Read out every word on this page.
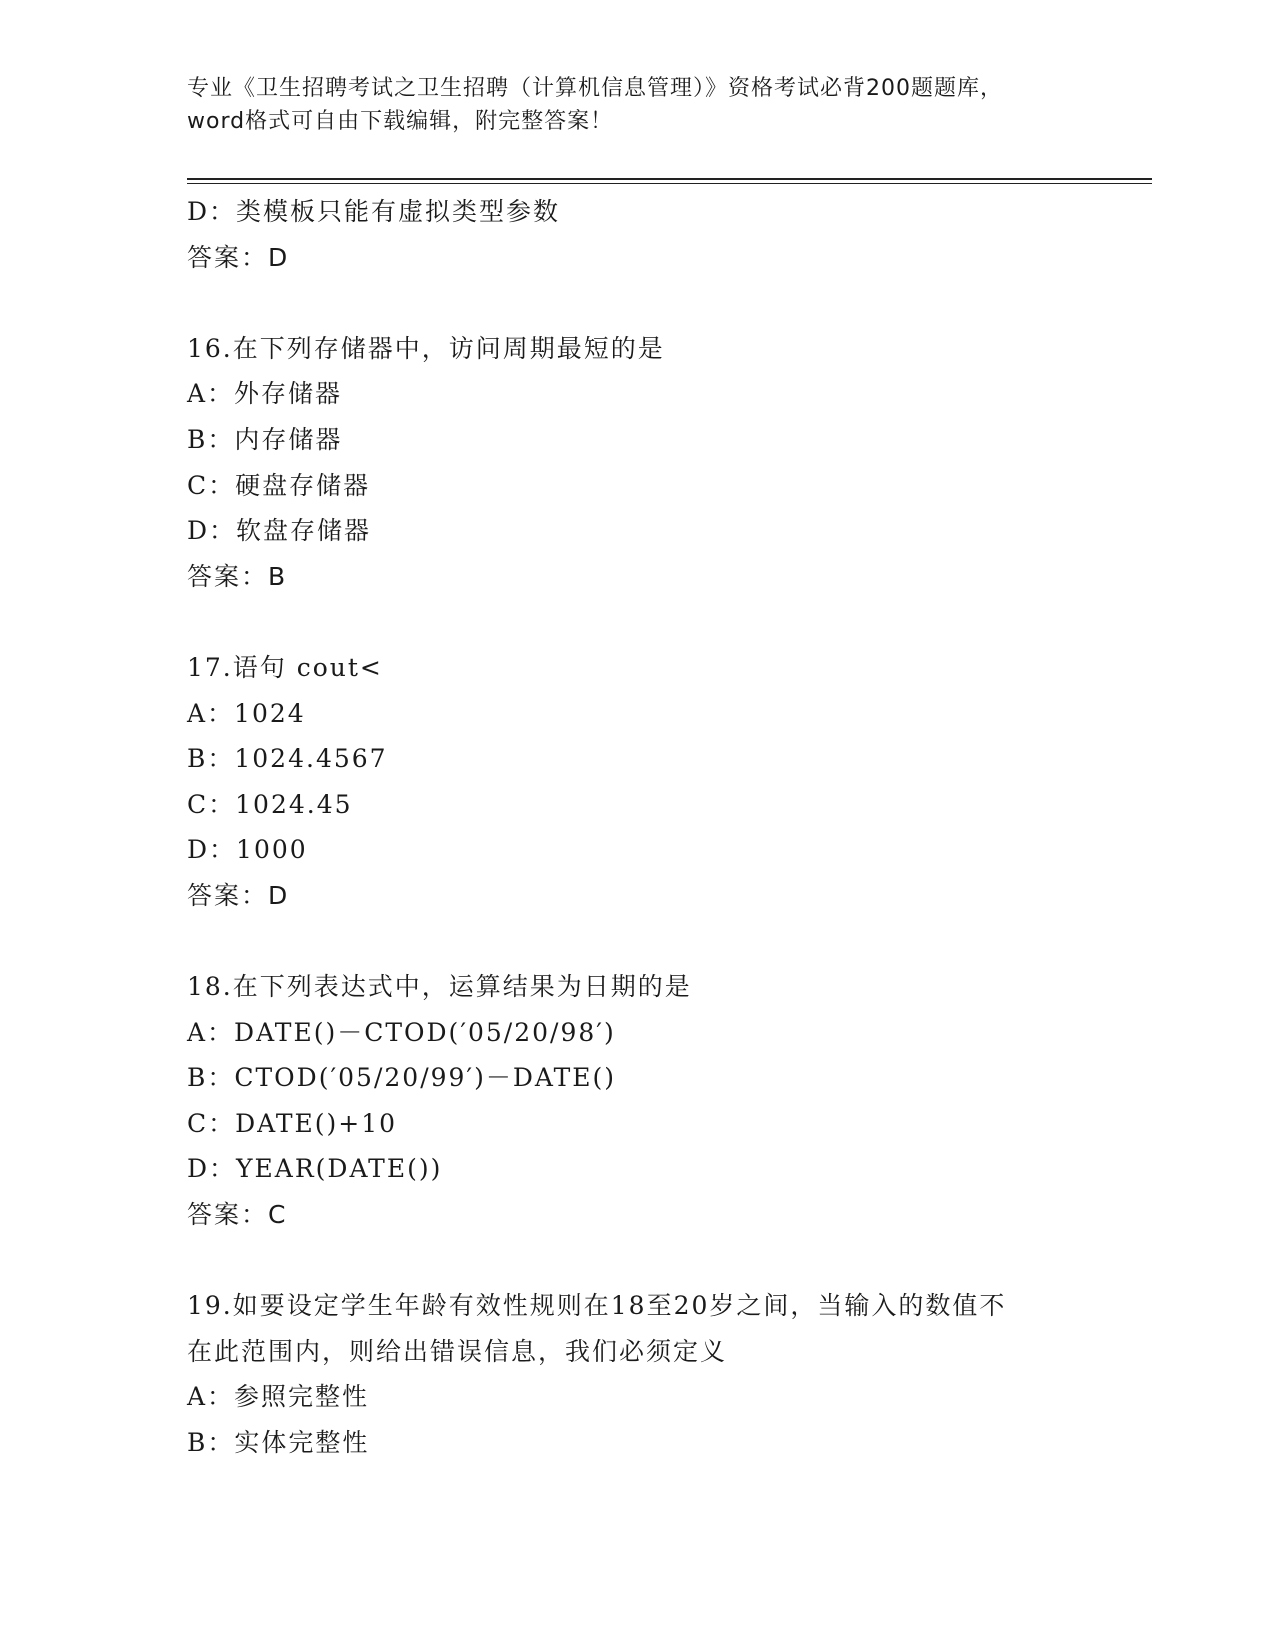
专业《卫生招聘考试之卫生招聘（计算机信息管理）》资格考试必背200题题库，
word格式可自由下载编辑，附完整答案！
D：类模板只能有虚拟类型参数
答案：D
16.在下列存储器中，访问周期最短的是
A：外存储器
B：内存储器
C：硬盘存储器
D：软盘存储器
答案：B
17.语句 cout<
A：1024
B：1024.4567
C：1024.45
D：1000
答案：D
18.在下列表达式中，运算结果为日期的是
A：DATE()－CTOD(′05/20/98′)
B：CTOD(′05/20/99′)－DATE()
C：DATE()+10
D：YEAR(DATE())
答案：C
19.如要设定学生年龄有效性规则在18至20岁之间，当输入的数值不
在此范围内，则给出错误信息，我们必须定义
A：参照完整性
B：实体完整性
